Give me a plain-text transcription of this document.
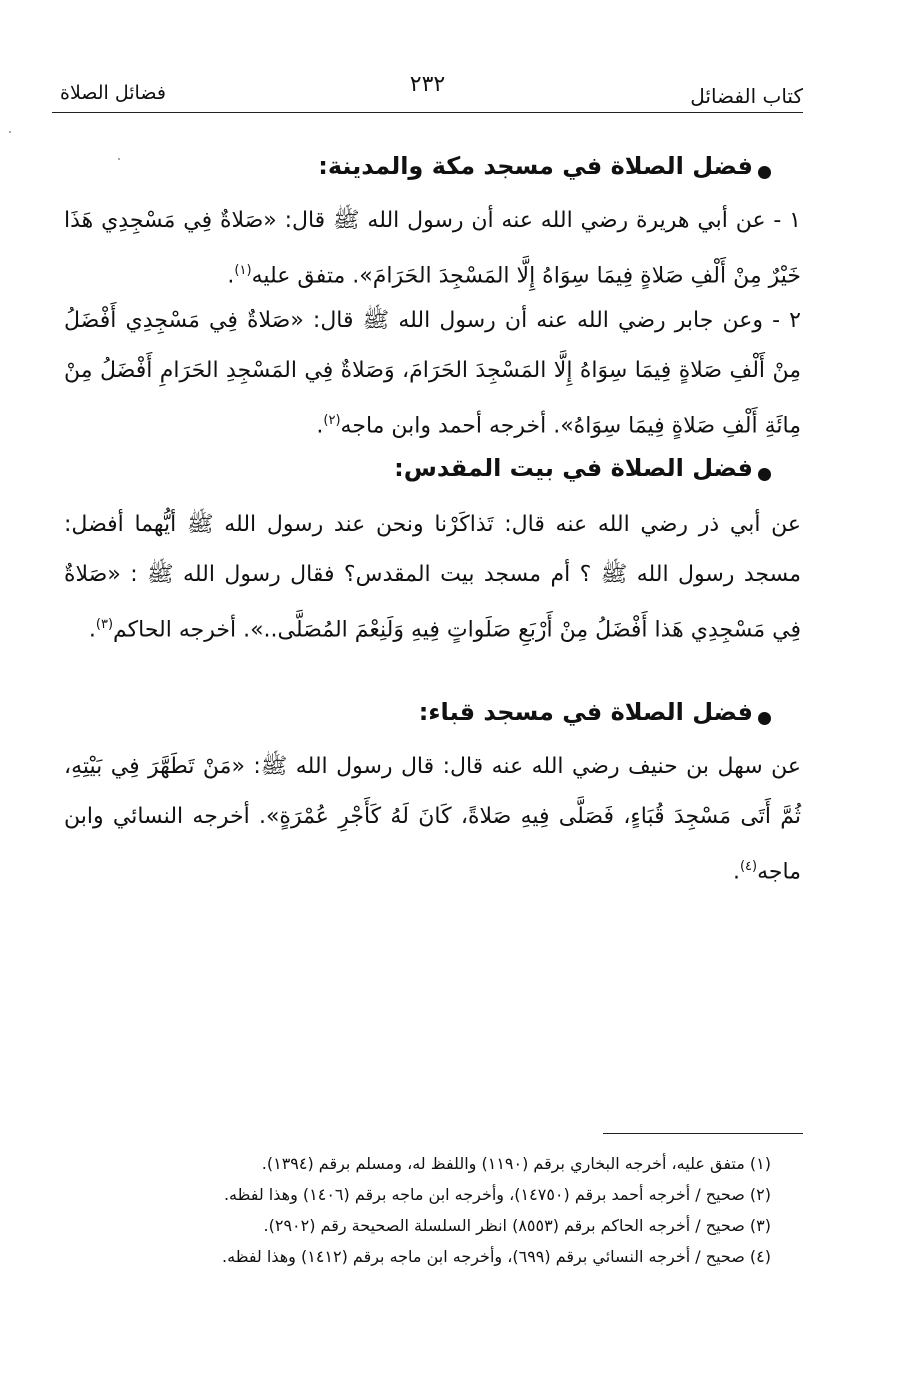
كتاب الفضائل
٢٣٢
فضائل الصلاة
فضل الصلاة في مسجد مكة والمدينة:
١ - عن أبي هريرة رضي الله عنه أن رسول الله ﷺ قال: «صَلاةٌ فِي مَسْجِدِي هَذَا خَيْرٌ مِنْ أَلْفِ صَلاةٍ فِيمَا سِوَاهُ إِلَّا المَسْجِدَ الحَرَامَ». متفق عليه$^{(١)}$.
٢ - وعن جابر رضي الله عنه أن رسول الله ﷺ قال: «صَلاةٌ فِي مَسْجِدِي أَفْضَلُ مِنْ أَلْفِ صَلاةٍ فِيمَا سِوَاهُ إِلَّا المَسْجِدَ الحَرَامَ، وَصَلاةٌ فِي المَسْجِدِ الحَرَامِ أَفْضَلُ مِنْ مِائَةِ أَلْفِ صَلاةٍ فِيمَا سِوَاهُ». أخرجه أحمد وابن ماجه$^{(٢)}$.
فضل الصلاة في بيت المقدس:
عن أبي ذر رضي الله عنه قال: تَذاكَرْنا ونحن عند رسول الله ﷺ أيُّهما أفضل: مسجد رسول الله ﷺ ؟ أم مسجد بيت المقدس؟ فقال رسول الله ﷺ : «صَلاةٌ فِي مَسْجِدِي هَذا أَفْضَلُ مِنْ أَرْبَعِ صَلَواتٍ فِيهِ وَلَنِعْمَ المُصَلَّى..». أخرجه الحاكم$^{(٣)}$.
فضل الصلاة في مسجد قباء:
عن سهل بن حنيف رضي الله عنه قال: قال رسول الله ﷺ: «مَنْ تَطَهَّرَ فِي بَيْتِهِ، ثُمَّ أَتَى مَسْجِدَ قُبَاءٍ، فَصَلَّى فِيهِ صَلاةً، كَانَ لَهُ كَأَجْرِ عُمْرَةٍ». أخرجه النسائي وابن ماجه$^{(٤)}$.
(١) متفق عليه، أخرجه البخاري برقم (١١٩٠) واللفظ له، ومسلم برقم (١٣٩٤).
(٢) صحيح / أخرجه أحمد برقم (١٤٧٥٠)، وأخرجه ابن ماجه برقم (١٤٠٦) وهذا لفظه.
(٣) صحيح / أخرجه الحاكم برقم (٨٥٥٣) انظر السلسلة الصحيحة رقم (٢٩٠٢).
(٤) صحيح / أخرجه النسائي برقم (٦٩٩)، وأخرجه ابن ماجه برقم (١٤١٢) وهذا لفظه.
